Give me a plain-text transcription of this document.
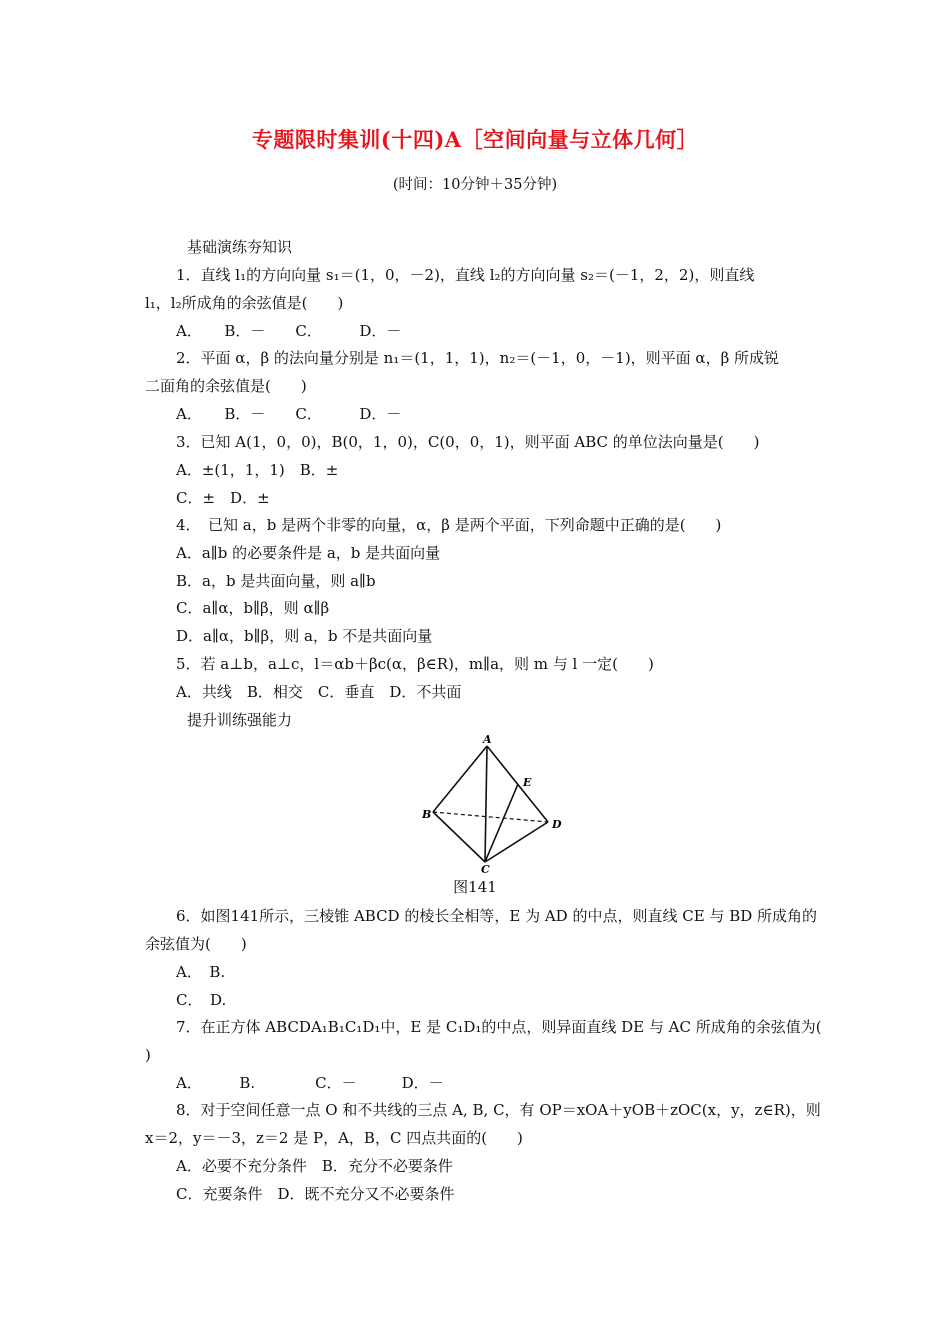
专题限时集训(十四)A［空间向量与立体几何］
(时间：10分钟＋35分钟)
基础演练夯知识
1．直线 l₁的方向向量 s₁＝(1，0，－2)，直线 l₂的方向向量 s₂＝(－1，2，2)，则直线
l₁，l₂所成角的余弦值是(　　)
A．　　B．－　　C．　　　D．－
2．平面 α，β 的法向量分别是 n₁＝(1，1，1)，n₂＝(－1，0，－1)，则平面 α，β 所成锐
二面角的余弦值是(　　)
A．　　B．－　　C．　　　D．－
3．已知 A(1，0，0)，B(0，1，0)，C(0，0，1)，则平面 ABC 的单位法向量是(　　)
A．±(1，1，1)　B．±
C．±　D．±
4．　已知 a，b 是两个非零的向量，α，β 是两个平面，下列命题中正确的是(　　)
A．a∥b 的必要条件是 a，b 是共面向量
B．a，b 是共面向量，则 a∥b
C．a∥α，b∥β，则 α∥β
D．a∥α，b∥β，则 a，b 不是共面向量
5．若 a⊥b，a⊥c，l＝αb＋βc(α，β∈R)，m∥a，则 m 与 l 一定(　　)
A．共线　B．相交　C．垂直　D．不共面
提升训练强能力
A
B
C
D
E
图141
6．如图141所示，三棱锥 ABCD 的棱长全相等，E 为 AD 的中点，则直线 CE 与 BD 所成角的
余弦值为(　　)
A．　B.
C．　D.
7．在正方体 ABCDA₁B₁C₁D₁中，E 是 C₁D₁的中点，则异面直线 DE 与 AC 所成角的余弦值为(
)
A．　　　B.　　　　C．－　　　D．－
8．对于空间任意一点 O 和不共线的三点 A, B, C，有 OP＝xOA＋yOB＋zOC(x，y，z∈R)，则
x＝2，y＝－3，z＝2 是 P，A，B，C 四点共面的(　　)
A．必要不充分条件　B．充分不必要条件
C．充要条件　D．既不充分又不必要条件
